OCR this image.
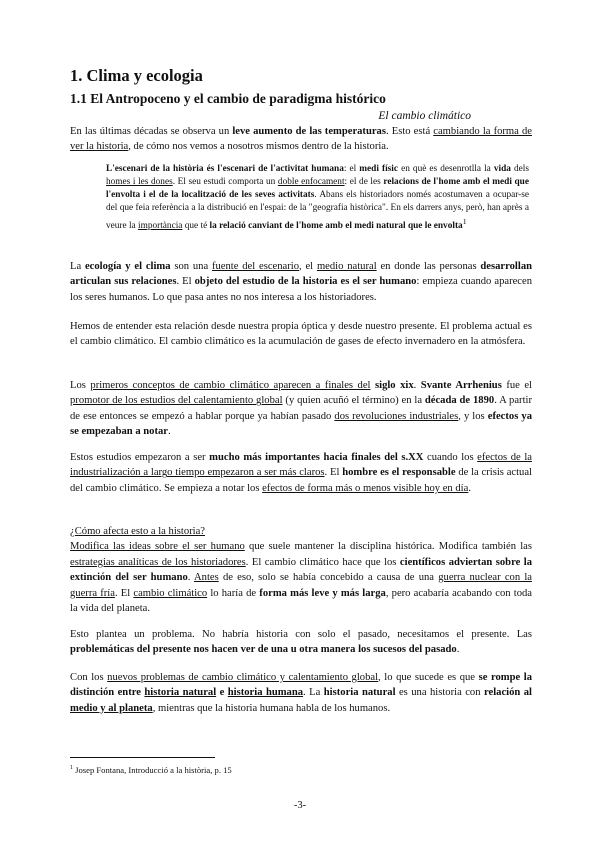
1. Clima y ecologia
1.1 El Antropoceno y el cambio de paradigma histórico
El cambio climático

En las últimas décadas se observa un leve aumento de las temperaturas. Esto está cambiando la forma de ver la historia, de cómo nos vemos a nosotros mismos dentro de la historia.

L'escenari de la història és l'escenari de l'activitat humana: el medi físic en què es desenrotlla la vida dels homes i les dones. El seu estudi comporta un doble enfocament: el de les relacions de l'home amb el medi que l'envolta i el de la localització de les seves activitats. Abans els historiadors només acostumaven a ocupar-se del que feia referència a la distribució en l'espai: de la "geografia històrica". En els darrers anys, però, han après a veure la importància que té la relació canviant de l'home amb el medi natural que le envolta$^1$

La ecología y el clima son una fuente del escenario, el medio natural en donde las personas desarrollan articulan sus relaciones. El objeto del estudio de la historia es el ser humano: empieza cuando aparecen los seres humanos. Lo que pasa antes no nos interesa a los historiadores.

Hemos de entender esta relación desde nuestra propia óptica y desde nuestro presente. El problema actual es el cambio climático. El cambio climático es la acumulación de gases de efecto invernadero en la atmósfera.

Los primeros conceptos de cambio climático aparecen a finales del siglo xix. Svante Arrhenius fue el promotor de los estudios del calentamiento global (y quien acuñó el término) en la década de 1890. A partir de ese entonces se empezó a hablar porque ya habían pasado dos revoluciones industriales, y los efectos ya se empezaban a notar.

Estos estudios empezaron a ser mucho más importantes hacia finales del s.XX cuando los efectos de la industrialización a largo tiempo empezaron a ser más claros. El hombre es el responsable de la crisis actual del cambio climático. Se empieza a notar los efectos de forma más o menos visible hoy en día.

¿Cómo afecta esto a la historia?
Modifica las ideas sobre el ser humano que suele mantener la disciplina histórica. Modifica también las estrategias analíticas de los historiadores. El cambio climático hace que los científicos adviertan sobre la extinción del ser humano. Antes de eso, solo se había concebido a causa de una guerra nuclear con la guerra fría. El cambio climático lo haría de forma más leve y más larga, pero acabaría acabando con toda la vida del planeta.

Esto plantea un problema. No habría historia con solo el pasado, necesitamos el presente. Las problemáticas del presente nos hacen ver de una u otra manera los sucesos del pasado.

Con los nuevos problemas de cambio climático y calentamiento global, lo que sucede es que se rompe la distinción entre historia natural e historia humana. La historia natural es una historia con relación al medio y al planeta, mientras que la historia humana habla de los humanos.

$^1$ Josep Fontana, Introducció a la història, p. 15

-3-
